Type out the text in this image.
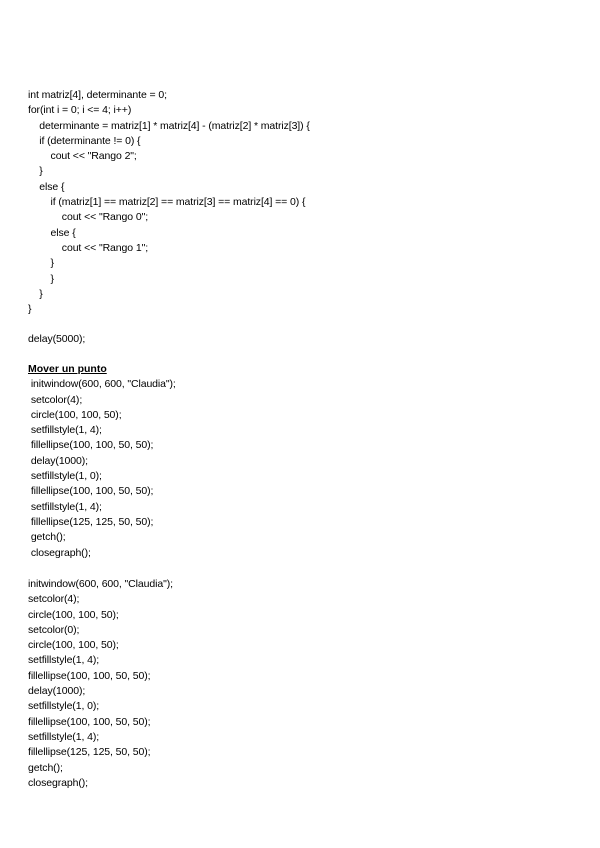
int matriz[4], determinante = 0;
for(int i = 0; i <= 4; i++)
determinante = matriz[1] * matriz[4] - (matriz[2] * matriz[3]) {
if (determinante != 0) {
cout << "Rango 2";
}
else {
if (matriz[1] == matriz[2] == matriz[3] == matriz[4] == 0) {
cout << "Rango 0";
else {
cout << "Rango 1";
}
}
}
}
delay(5000);
Mover un punto
initwindow(600, 600, "Claudia");
setcolor(4);
circle(100, 100, 50);
setfillstyle(1, 4);
fillellipse(100, 100, 50, 50);
delay(1000);
setfillstyle(1, 0);
fillellipse(100, 100, 50, 50);
setfillstyle(1, 4);
fillellipse(125, 125, 50, 50);
getch();
closegraph();
initwindow(600, 600, "Claudia");
setcolor(4);
circle(100, 100, 50);
setcolor(0);
circle(100, 100, 50);
setfillstyle(1, 4);
fillellipse(100, 100, 50, 50);
delay(1000);
setfillstyle(1, 0);
fillellipse(100, 100, 50, 50);
setfillstyle(1, 4);
fillellipse(125, 125, 50, 50);
getch();
closegraph();
